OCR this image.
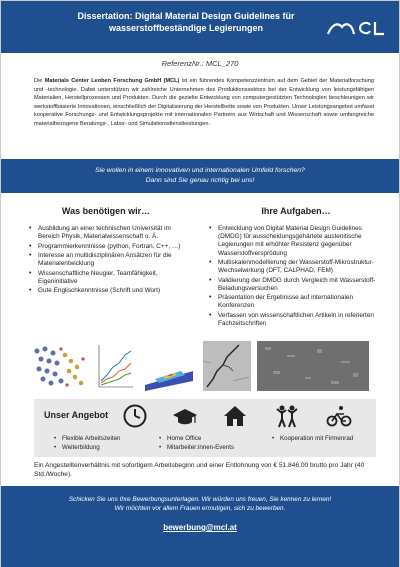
Dissertation: Digital Material Design Guidelines für
wasserstoffbeständige Legierungen
ReferenzNr.: MCL_270
Die Materials Center Leoben Forschung GmbH (MCL) ist ein führendes Kompetenzzentrum auf dem Gebiet der Materialforschung und -technologie. Dabei unterstützen wir zahlreiche Unternehmen des Produktionssektors bei der Entwicklung von leistungsfähigen Materialien, Herstellprozessen und Produkten. Durch die gezielte Entwicklung von computergestützten Technologien beschleunigen wir werkstoffbasierte Innovationen, einschließlich der Digitalisierung der Herstellkette sowie von Produkten. Unser Leistungsangebot umfasst kooperative Forschungs- und Entwicklungsprojekte mit internationalen Partnern aus Wirtschaft und Wissenschaft sowie umfangreiche materialbezogene Beratungs-, Labor- und Simulationsdienstleistungen.
Sie wollen in einem innovativen und internationalen Umfeld forschen?
Dann sind Sie genau richtig bei uns!
Was benötigen wir…	Ihre Aufgaben…
• Ausbildung an einer technischen Universität im Bereich Physik, Materialwissenschaft o. Ä.
• Programmierkenntnisse (python, Fortran, C++, …)
• Interesse an multidisziplinären Ansätzen für die Materialentwicklung
• Wissenschaftliche Neugier, Teamfähigkeit, Eigeninitiative
• Gute Englischkenntnisse (Schrift und Wort)
• Entwicklung von Digital Material Design Guidelines (DMDG) für ausscheidungsgehärtete austenitische Legierungen mit erhöhter Resistenz gegenüber Wasserstoffversprödung
• Multiskalenmodellierung der Wasserstoff-Mikrostruktur-Wechselwirkung (DFT, CALPHAD, FEM)
• Validierung der DMDG durch Vergleich mit Wasserstoff-Beladungsversuchen
• Präsentation der Ergebnisse auf internationalen Konferenzen
• Verfassen von wissenschaftlichen Artikeln in referierten Fachzeitschriften
Unser Angebot
• Flexible Arbeitszeiten
• Weiterbildung
• Home Office
• Mitarbeiter:innen-Events
• Kooperation mit Firmenrad
Ein Angestelltenverhältnis mit sofortigem Arbeitsbeginn und einer Entlohnung von € 51.846,00 brutto pro Jahr (40 Std./Woche).
Schicken Sie uns Ihre Bewerbungsunterlagen. Wir würden uns freuen, Sie kennen zu lernen!
Wir möchten vor allem Frauen ermutigen, sich zu bewerben.
bewerbung@mcl.at
